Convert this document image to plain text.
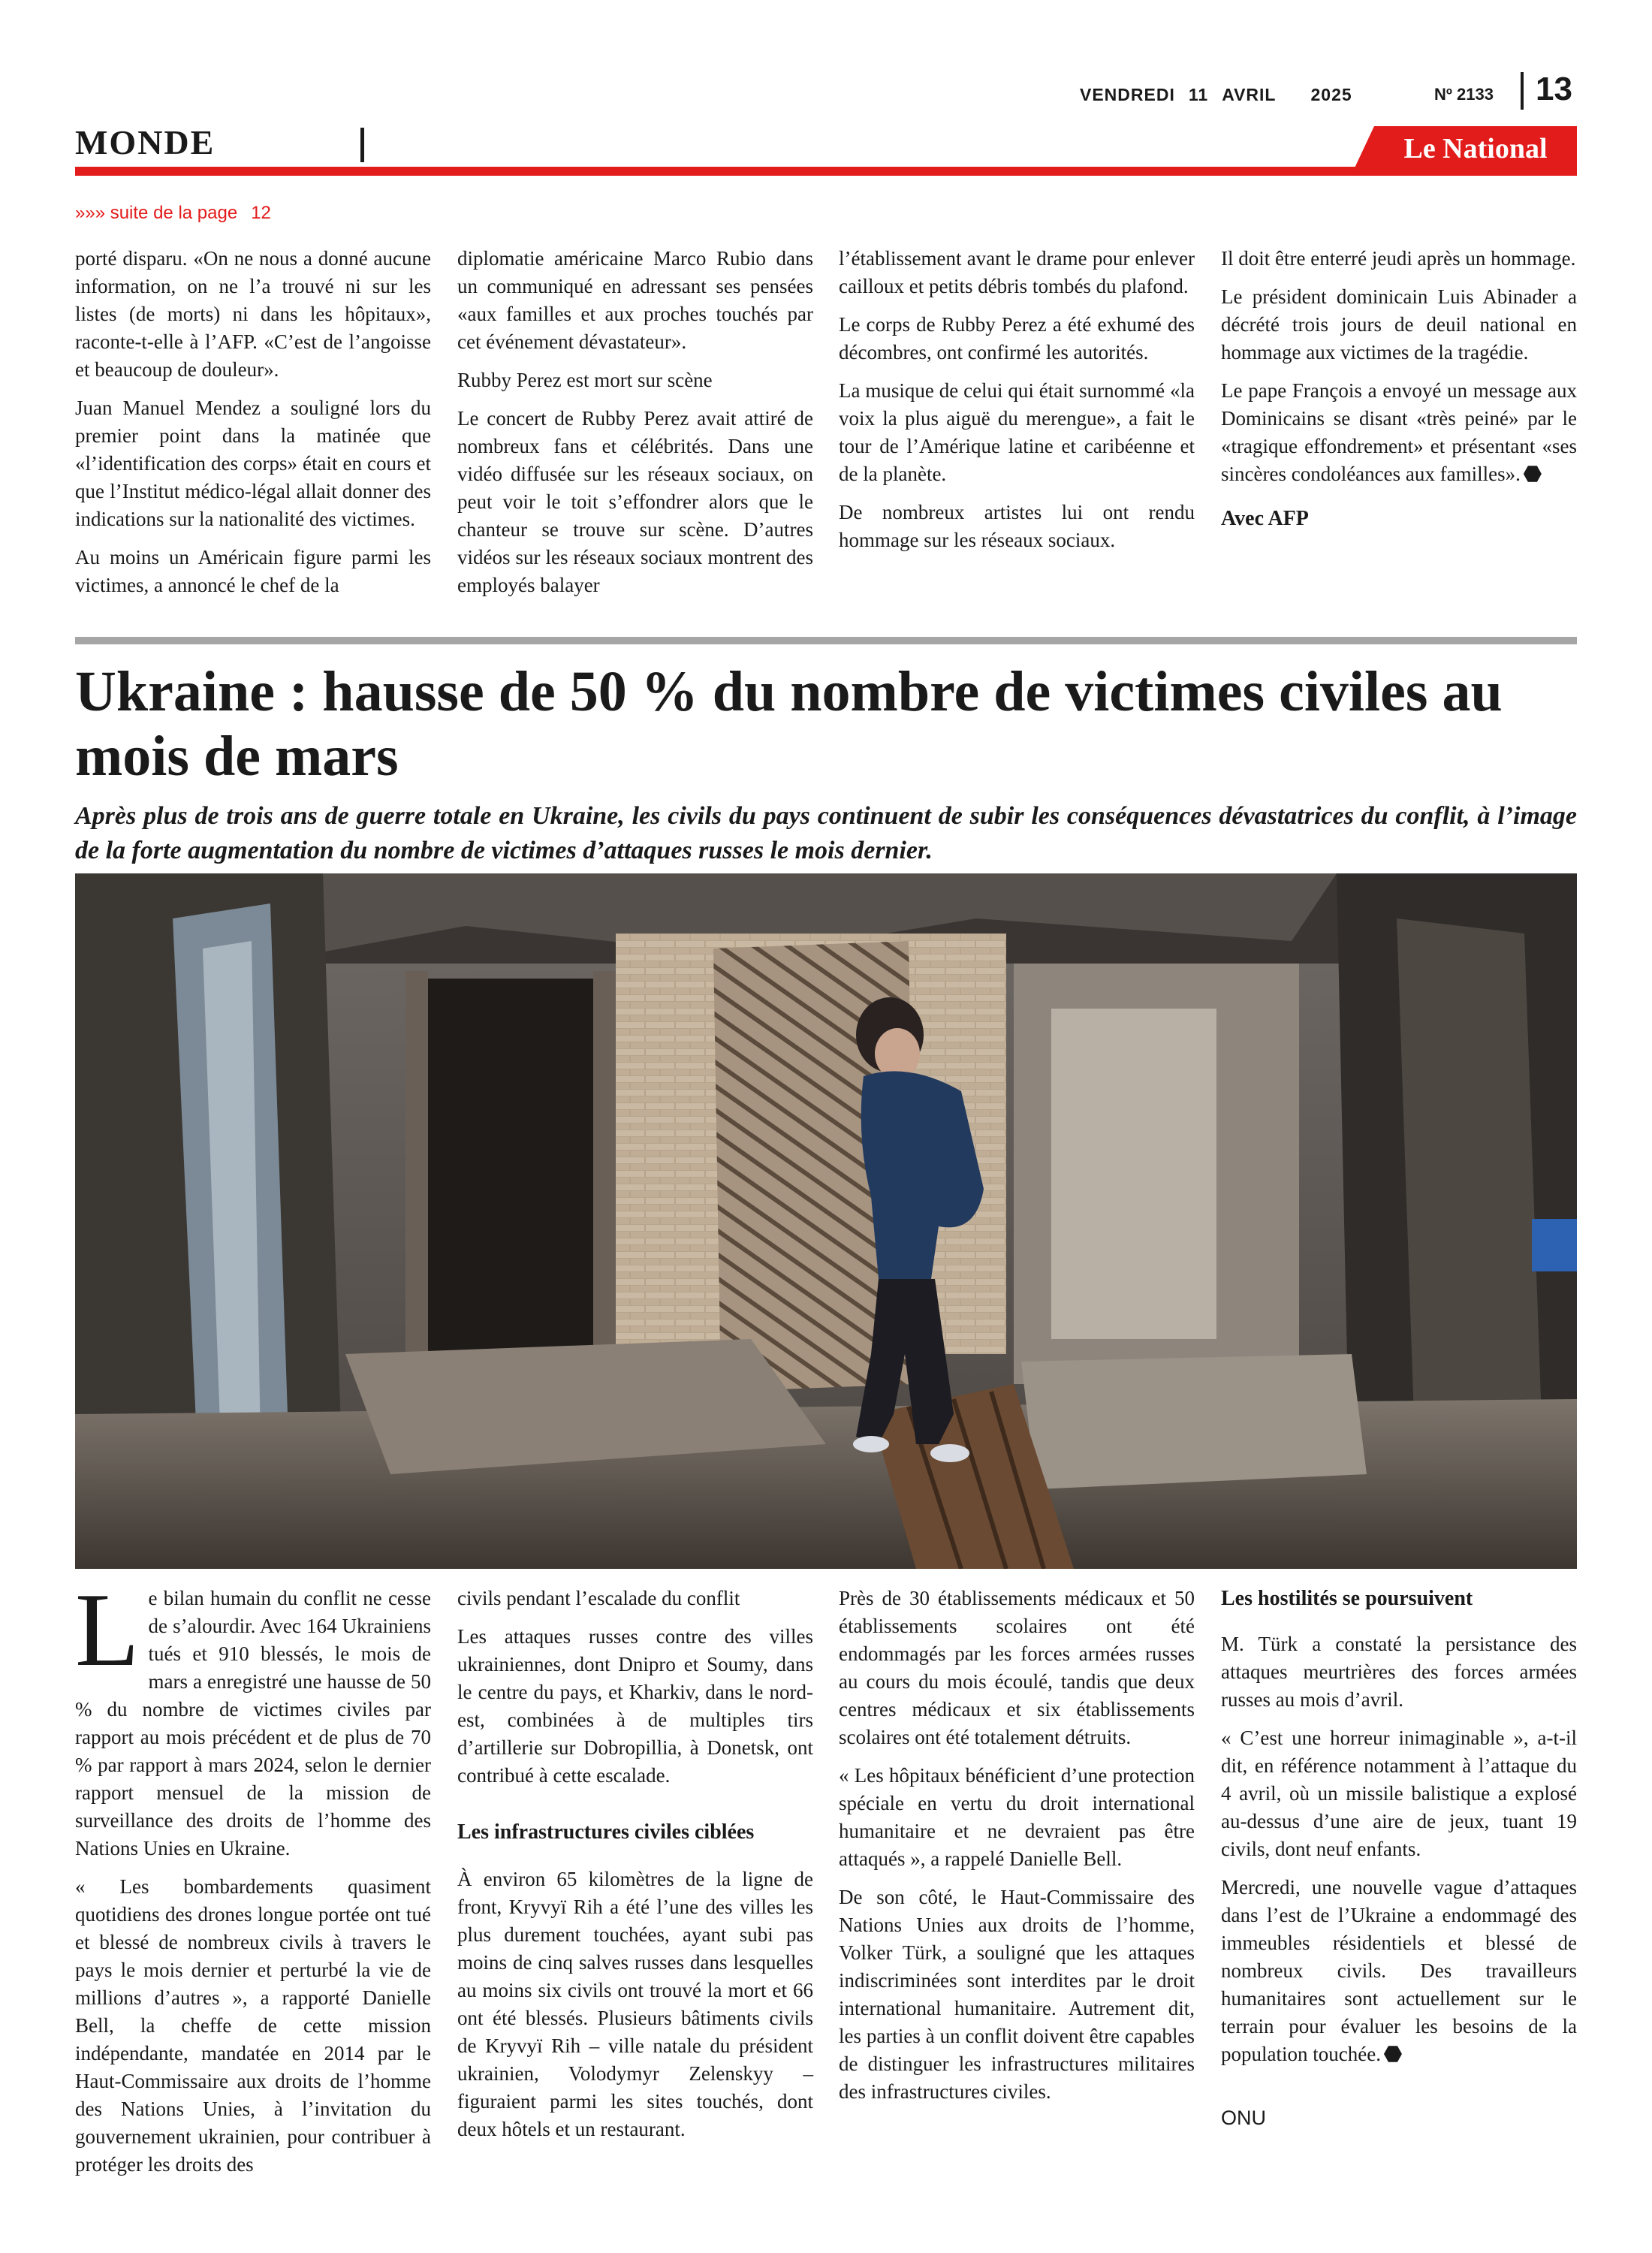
VENDREDI 11 AVRIL 2025	Nº 2133 13
MONDE	Le National
»»» suite de la page 12

porté disparu. «On ne nous a donné aucune information, on ne l’a trouvé ni sur les listes (de morts) ni dans les hôpitaux», raconte-t-elle à l’AFP. «C’est de l’angoisse et beaucoup de douleur».

Juan Manuel Mendez a souligné lors du premier point dans la matinée que «l’identification des corps» était en cours et que l’Institut médico-légal allait donner des indications sur la nationalité des victimes.

Au moins un Américain figure parmi les victimes, a annoncé le chef de la

diplomatie américaine Marco Rubio dans un communiqué en adressant ses pensées «aux familles et aux proches touchés par cet événement dévastateur».

Rubby Perez est mort sur scène

Le concert de Rubby Perez avait attiré de nombreux fans et célébrités. Dans une vidéo diffusée sur les réseaux sociaux, on peut voir le toit s’effondrer alors que le chanteur se trouve sur scène. D’autres vidéos sur les réseaux sociaux montrent des employés balayer

l’établissement avant le drame pour enlever cailloux et petits débris tombés du plafond.

Le corps de Rubby Perez a été exhumé des décombres, ont confirmé les autorités.

La musique de celui qui était surnommé «la voix la plus aiguë du merengue», a fait le tour de l’Amérique latine et caribéenne et de la planète.

De nombreux artistes lui ont rendu hommage sur les réseaux sociaux.

Il doit être enterré jeudi après un hommage.

Le président dominicain Luis Abinader a décrété trois jours de deuil national en hommage aux victimes de la tragédie.

Le pape François a envoyé un message aux Dominicains se disant «très peiné» par le «tragique effondrement» et présentant «ses sincères condoléances aux familles».

Avec AFP
Ukraine : hausse de 50 % du nombre de victimes civiles au mois de mars
Après plus de trois ans de guerre totale en Ukraine, les civils du pays continuent de subir les conséquences dévastatrices du conflit, à l’image de la forte augmentation du nombre de victimes d’attaques russes le mois dernier.

Le bilan humain du conflit ne cesse de s’alourdir. Avec 164 Ukrainiens tués et 910 blessés, le mois de mars a enregistré une hausse de 50 % du nombre de victimes civiles par rapport au mois précédent et de plus de 70 % par rapport à mars 2024, selon le dernier rapport mensuel de la mission de surveillance des droits de l’homme des Nations Unies en Ukraine.

« Les bombardements quasiment quotidiens des drones longue portée ont tué et blessé de nombreux civils à travers le pays le mois dernier et perturbé la vie de millions d’autres », a rapporté Danielle Bell, la cheffe de cette mission indépendante, mandatée en 2014 par le Haut-Commissaire aux droits de l’homme des Nations Unies, à l’invitation du gouvernement ukrainien, pour contribuer à protéger les droits des

civils pendant l’escalade du conflit

Les attaques russes contre des villes ukrainiennes, dont Dnipro et Soumy, dans le centre du pays, et Kharkiv, dans le nord-est, combinées à de multiples tirs d’artillerie sur Dobropillia, à Donetsk, ont contribué à cette escalade.

Les infrastructures civiles ciblées

À environ 65 kilomètres de la ligne de front, Kryvyï Rih a été l’une des villes les plus durement touchées, ayant subi pas moins de cinq salves russes dans lesquelles au moins six civils ont trouvé la mort et 66 ont été blessés. Plusieurs bâtiments civils de Kryvyï Rih – ville natale du président ukrainien, Volodymyr Zelenskyy – figuraient parmi les sites touchés, dont deux hôtels et un restaurant.

Près de 30 établissements médicaux et 50 établissements scolaires ont été endommagés par les forces armées russes au cours du mois écoulé, tandis que deux centres médicaux et six établissements scolaires ont été totalement détruits.

« Les hôpitaux bénéficient d’une protection spéciale en vertu du droit international humanitaire et ne devraient pas être attaqués », a rappelé Danielle Bell.

De son côté, le Haut-Commissaire des Nations Unies aux droits de l’homme, Volker Türk, a souligné que les attaques indiscriminées sont interdites par le droit international humanitaire. Autrement dit, les parties à un conflit doivent être capables de distinguer les infrastructures militaires des infrastructures civiles.

Les hostilités se poursuivent

M. Türk a constaté la persistance des attaques meurtrières des forces armées russes au mois d’avril.

« C’est une horreur inimaginable », a-t-il dit, en référence notamment à l’attaque du 4 avril, où un missile balistique a explosé au-dessus d’une aire de jeux, tuant 19 civils, dont neuf enfants.

Mercredi, une nouvelle vague d’attaques dans l’est de l’Ukraine a endommagé des immeubles résidentiels et blessé de nombreux civils. Des travailleurs humanitaires sont actuellement sur le terrain pour évaluer les besoins de la population touchée.

ONU
